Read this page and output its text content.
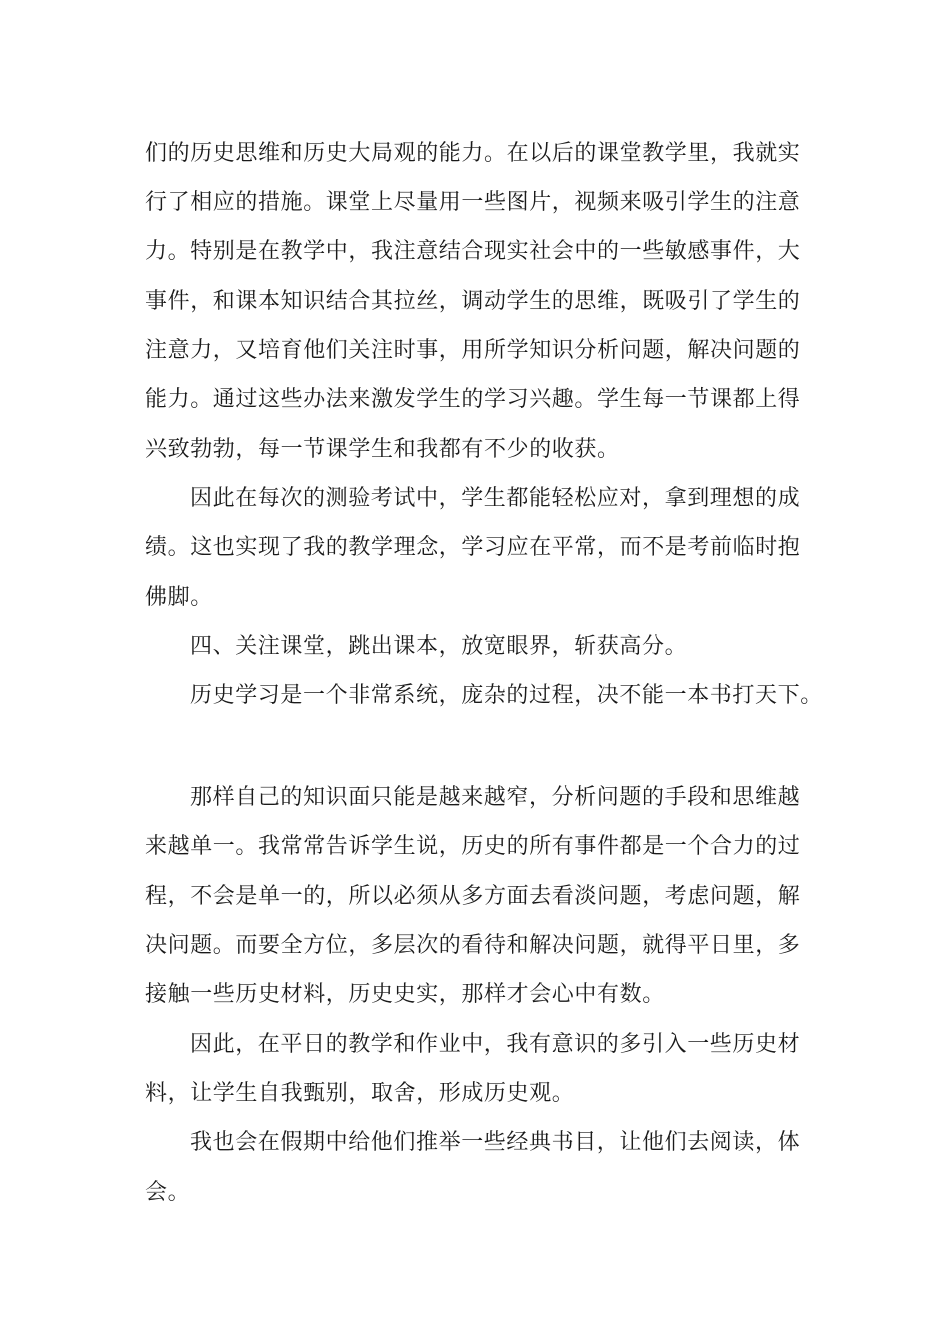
们的历史思维和历史大局观的能力。在以后的课堂教学里，我就实
行了相应的措施。课堂上尽量用一些图片，视频来吸引学生的注意
力。特别是在教学中，我注意结合现实社会中的一些敏感事件，大
事件，和课本知识结合其拉丝，调动学生的思维，既吸引了学生的
注意力，又培育他们关注时事，用所学知识分析问题，解决问题的
能力。通过这些办法来激发学生的学习兴趣。学生每一节课都上得
兴致勃勃，每一节课学生和我都有不少的收获。
因此在每次的测验考试中，学生都能轻松应对，拿到理想的成
绩。这也实现了我的教学理念，学习应在平常，而不是考前临时抱
佛脚。
四、关注课堂，跳出课本，放宽眼界，斩获高分。
历史学习是一个非常系统，庞杂的过程，决不能一本书打天下。
那样自己的知识面只能是越来越窄，分析问题的手段和思维越
来越单一。我常常告诉学生说，历史的所有事件都是一个合力的过
程，不会是单一的，所以必须从多方面去看淡问题，考虑问题，解
决问题。而要全方位，多层次的看待和解决问题，就得平日里，多
接触一些历史材料，历史史实，那样才会心中有数。
因此，在平日的教学和作业中，我有意识的多引入一些历史材
料，让学生自我甄别，取舍，形成历史观。
我也会在假期中给他们推举一些经典书目，让他们去阅读，体
会。
